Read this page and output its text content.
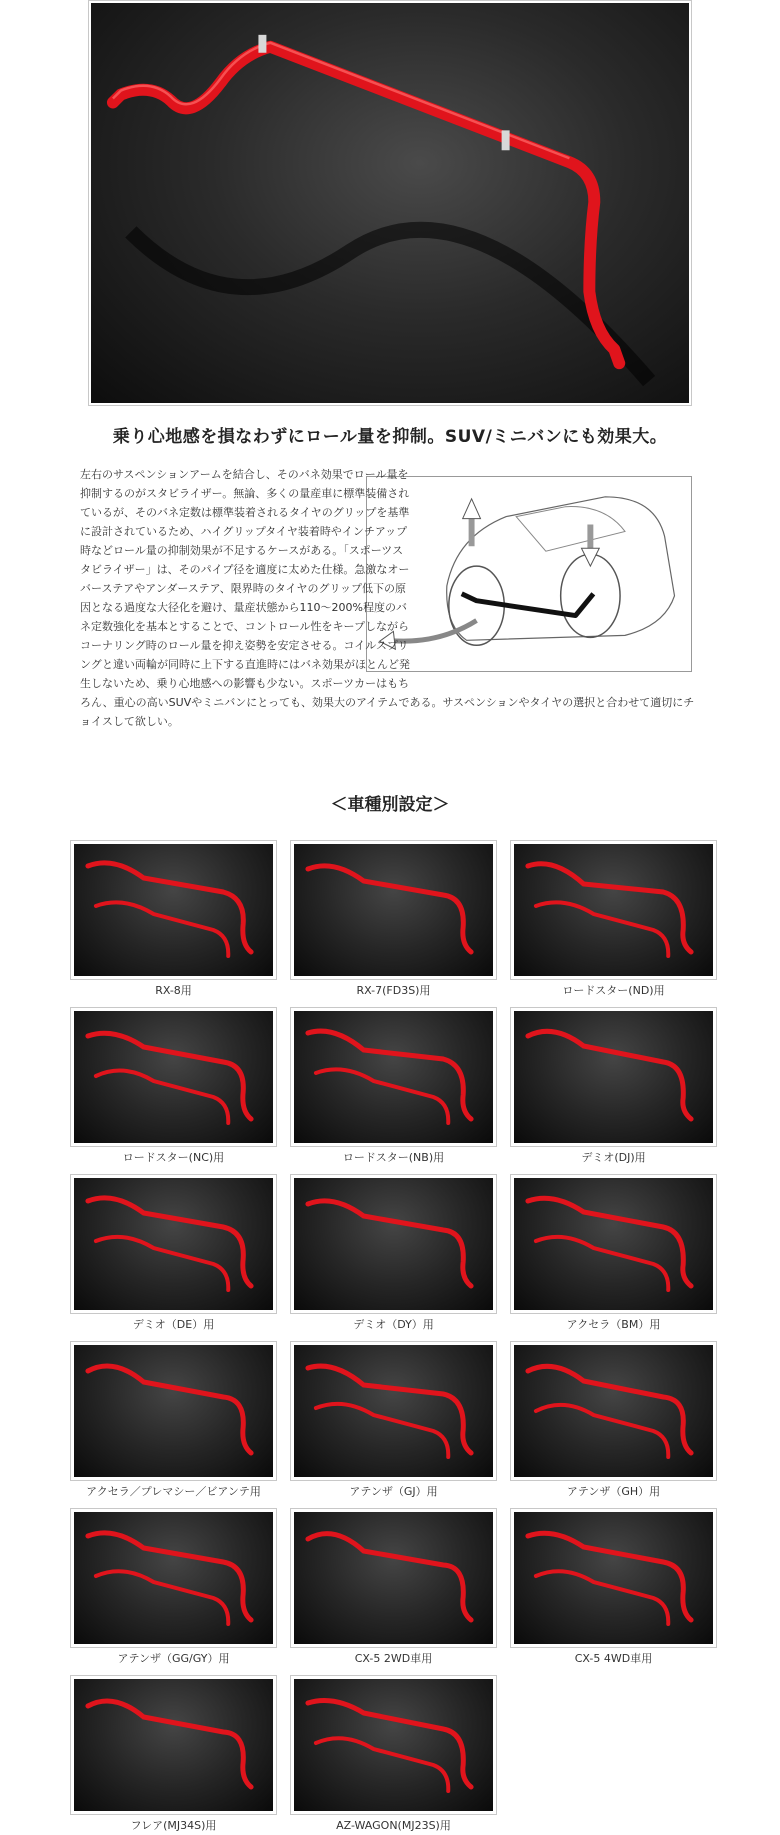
乗り心地感を損なわずにロール量を抑制。SUV/ミニバンにも効果大。
左右のサスペンションアームを結合し、そのバネ効果でロール量を抑制するのがスタビライザー。無論、多くの量産車に標準装備されているが、そのバネ定数は標準装着されるタイヤのグリップを基準に設計されているため、ハイグリップタイヤ装着時やインチアップ時などロール量の抑制効果が不足するケースがある。「スポーツスタビライザー」は、そのパイプ径を適度に太めた仕様。急激なオーバーステアやアンダーステア、限界時のタイヤのグリップ低下の原因となる過度な大径化を避け、量産状態から110～200%程度のバネ定数強化を基本とすることで、コントロール性をキープしながらコーナリング時のロール量を抑え姿勢を安定させる。コイルスプリングと違い両輪が同時に上下する直進時にはバネ効果がほとんど発生しないため、乗り心地感への影響も少ない。スポーツカーはもちろん、重心の高いSUVやミニバンにとっても、効果大のアイテムである。サスペンションやタイヤの選択と合わせて適切にチョイスして欲しい。
＜車種別設定＞
RX-8用	RX-7(FD3S)用	ロードスター(ND)用
ロードスター(NC)用	ロードスター(NB)用	デミオ(DJ)用
デミオ（DE）用	デミオ（DY）用	アクセラ（BM）用
アクセラ／プレマシー／ビアンテ用	アテンザ（GJ）用	アテンザ（GH）用
アテンザ（GG/GY）用	CX-5 2WD車用	CX-5 4WD車用
フレア(MJ34S)用	AZ-WAGON(MJ23S)用
